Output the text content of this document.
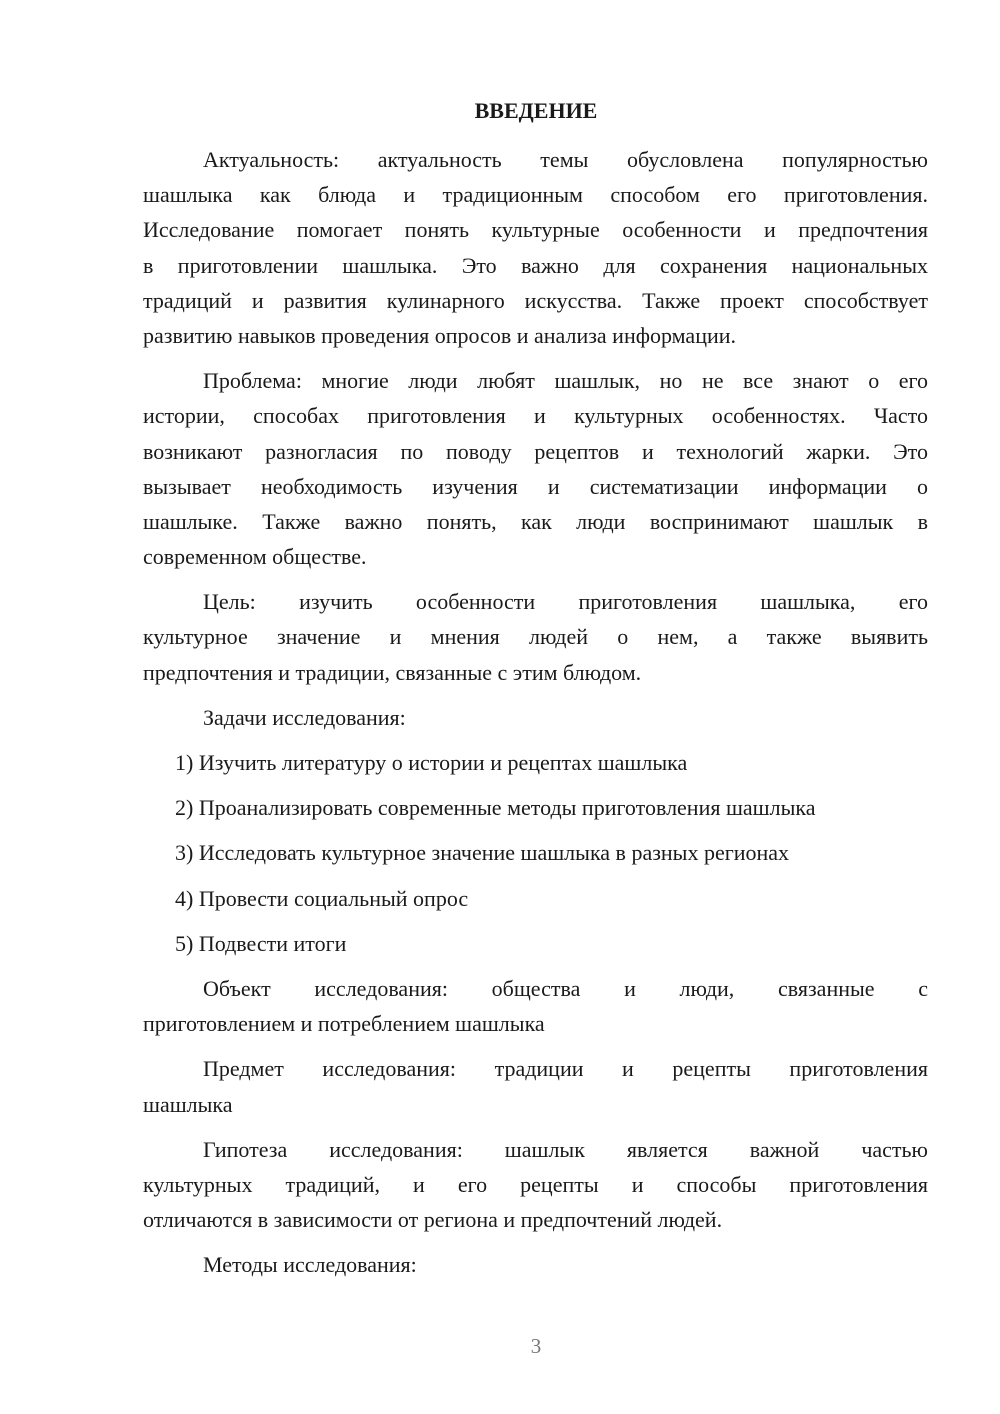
ВВЕДЕНИЕ
Актуальность: актуальность темы обусловлена популярностью
шашлыка как блюда и традиционным способом его приготовления.
Исследование помогает понять культурные особенности и предпочтения
в приготовлении шашлыка. Это важно для сохранения национальных
традиций и развития кулинарного искусства. Также проект способствует
развитию навыков проведения опросов и анализа информации.
Проблема: многие люди любят шашлык, но не все знают о его
истории, способах приготовления и культурных особенностях. Часто
возникают разногласия по поводу рецептов и технологий жарки. Это
вызывает необходимость изучения и систематизации информации о
шашлыке. Также важно понять, как люди воспринимают шашлык в
современном обществе.
Цель: изучить особенности приготовления шашлыка, его
культурное значение и мнения людей о нем, а также выявить
предпочтения и традиции, связанные с этим блюдом.
Задачи исследования:
1) Изучить литературу о истории и рецептах шашлыка
2) Проанализировать современные методы приготовления шашлыка
3) Исследовать культурное значение шашлыка в разных регионах
4) Провести социальный опрос
5) Подвести итоги
Объект исследования: общества и люди, связанные с
приготовлением и потреблением шашлыка
Предмет исследования: традиции и рецепты приготовления
шашлыка
Гипотеза исследования: шашлык является важной частью
культурных традиций, и его рецепты и способы приготовления
отличаются в зависимости от региона и предпочтений людей.
Методы исследования:
3
